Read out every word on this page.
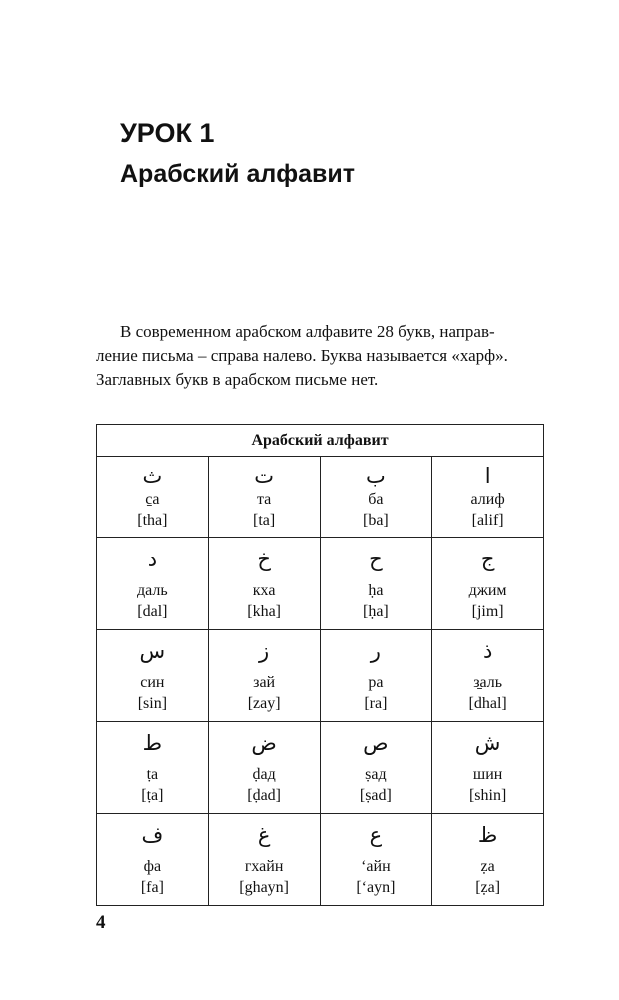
УРОК 1
Арабский алфавит

В современном арабском алфавите 28 букв, направ-

ление письма – справа налево. Буква называется «харф».

Заглавных букв в арабском письме нет.

Арабский алфавит			

ث
c̱а
[tha]	ت
та
[ta]	ب
ба
[ba]	ا
алиф
[alif]

د
даль
[dal]	خ
кха
[kha]	ح
ḥа
[ḥa]	ج
джим
[jim]

س
син
[sin]	ز
зай
[zay]	ر
ра
[ra]	ذ
з̱аль
[dhal]

ط
ṭа
[ṭa]	ض
ḍад
[ḍad]	ص
ṣад
[ṣad]	ش
шин
[shin]

ف
фа
[fa]	غ
гхайн
[ghayn]	ع
‘айн
[‘ayn]	ظ
ẓа
[ẓa]
4
